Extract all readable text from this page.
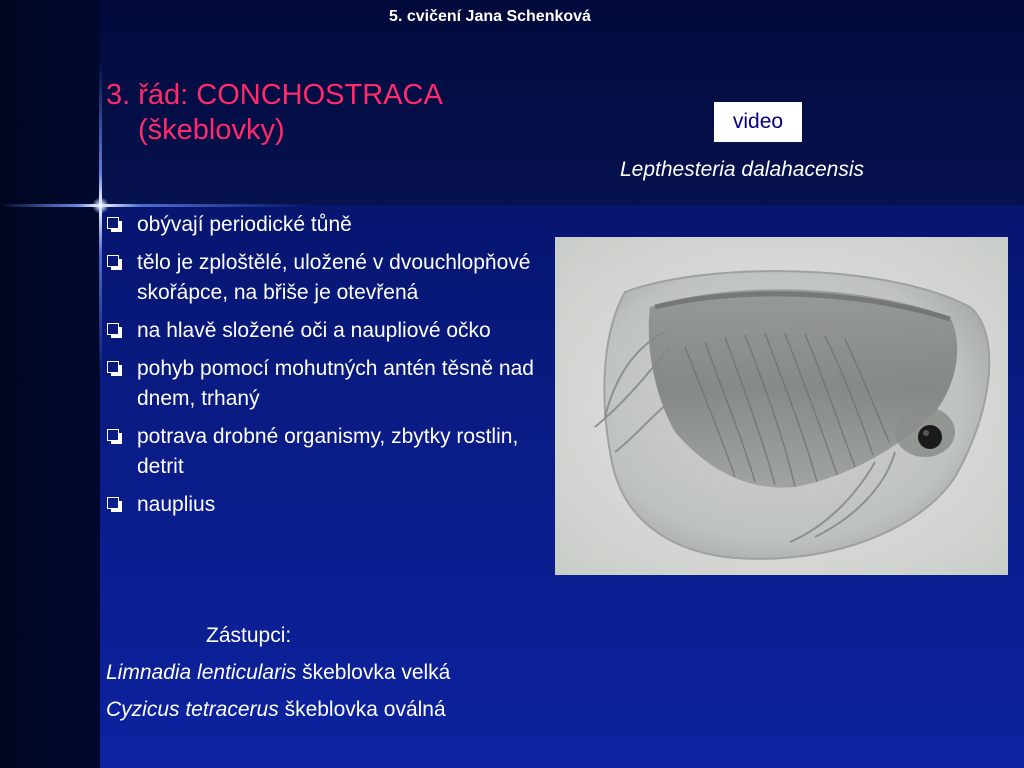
5. cvičení Jana Schenková
3. řád: CONCHOSTRACA
(škeblovky)	video
Lepthesteria dalahacensis
obývají periodické tůně
tělo je zploštělé, uložené v dvouchlopňové skořápce, na břiše je otevřená
na hlavě složené oči a naupliové očko
pohyb pomocí mohutných antén těsně nad dnem, trhaný
potrava drobné organismy, zbytky rostlin, detrit
nauplius
Zástupci:
Limnadia lenticularis škeblovka velká
Cyzicus tetracerus škeblovka oválná
